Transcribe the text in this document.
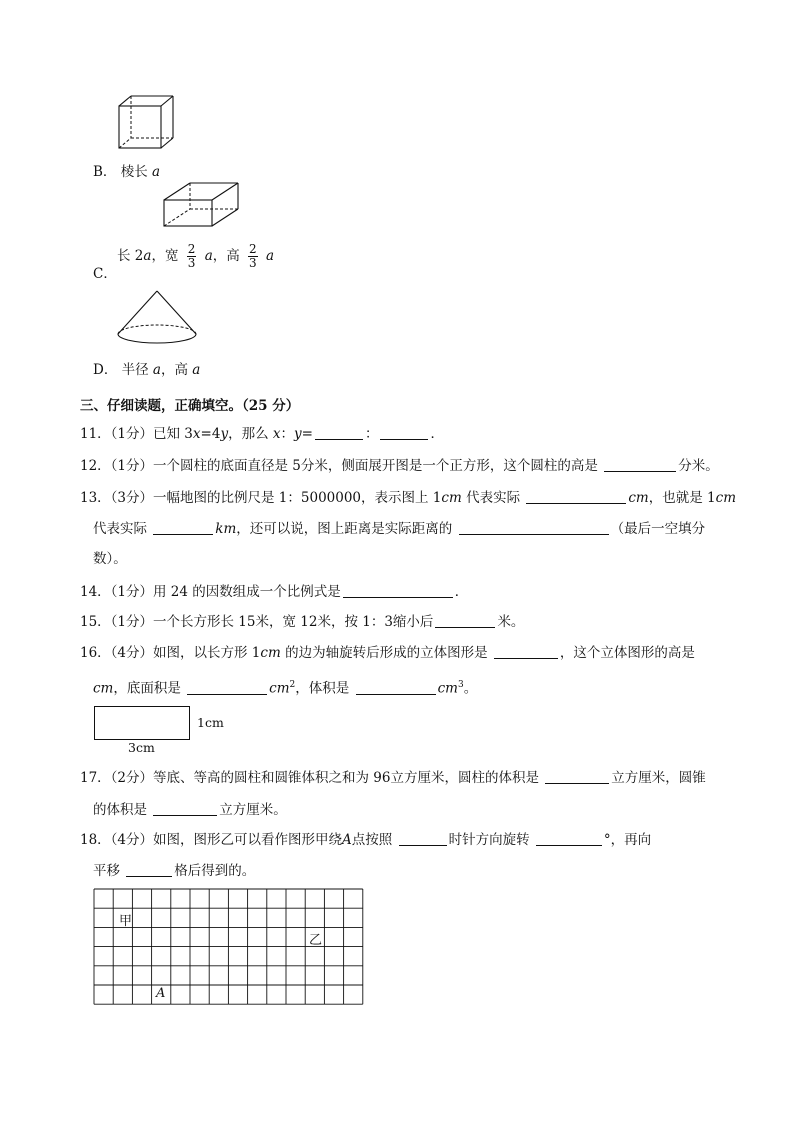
B． 棱长 a
C．
长 2a，宽 $\frac{2}{3}$ a，高 $\frac{2}{3}$ a
D． 半径 a，高 a
三、仔细读题，正确填空。（25 分）
11．（1分）已知 3x=4y，那么 x：y=	：	．
12．（1分）一个圆柱的底面直径是 5分米，侧面展开图是一个正方形，这个圆柱的高是	分米。
13．（3分）一幅地图的比例尺是 1：5000000，表示图上 1cm 代表实际	cm，也就是 1cm
代表实际	km，还可以说，图上距离是实际距离的	（最后一空填分
数）。
14．（1分）用 24 的因数组成一个比例式是	．
15．（1分）一个长方形长 15米，宽 12米，按 1：3缩小后	米。
16．（4分）如图，以长方形 1cm 的边为轴旋转后形成的立体图形是	，这个立体图形的高是
cm，底面积是	$cm^2$，体积是	$cm^3$。
1cm
3cm
17．（2分）等底、等高的圆柱和圆锥体积之和为 96立方厘米，圆柱的体积是	立方厘米，圆锥
的体积是	立方厘米。
18．（4分）如图，图形乙可以看作图形甲绕A点按照	时针方向旋转	°，再向
平移	格后得到的。
甲
乙
A
